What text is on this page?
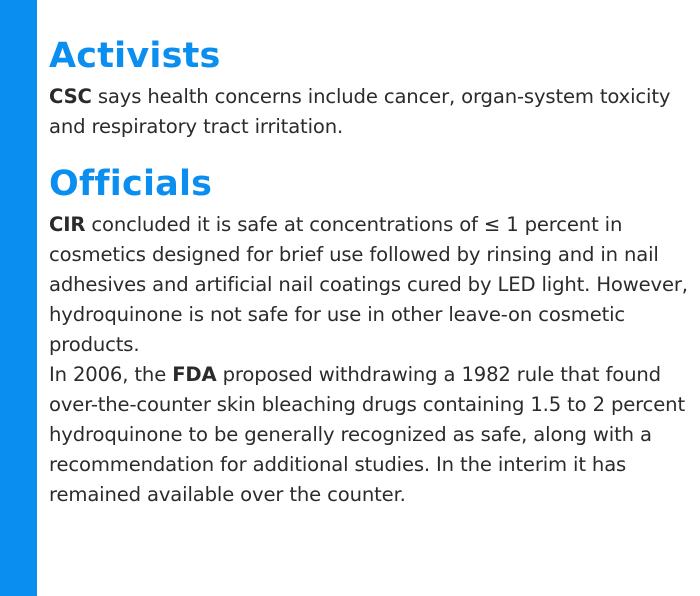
Activists

CSC says health concerns include cancer, organ-system toxicity and respiratory tract irritation.

Officials

CIR concluded it is safe at concentrations of ≤ 1 percent in cosmetics designed for brief use followed by rinsing and in nail adhesives and artificial nail coatings cured by LED light. However, hydroquinone is not safe for use in other leave-on cosmetic products.

In 2006, the FDA proposed withdrawing a 1982 rule that found over-the-counter skin bleaching drugs containing 1.5 to 2 percent hydroquinone to be generally recognized as safe, along with a recommendation for additional studies. In the interim it has remained available over the counter.
